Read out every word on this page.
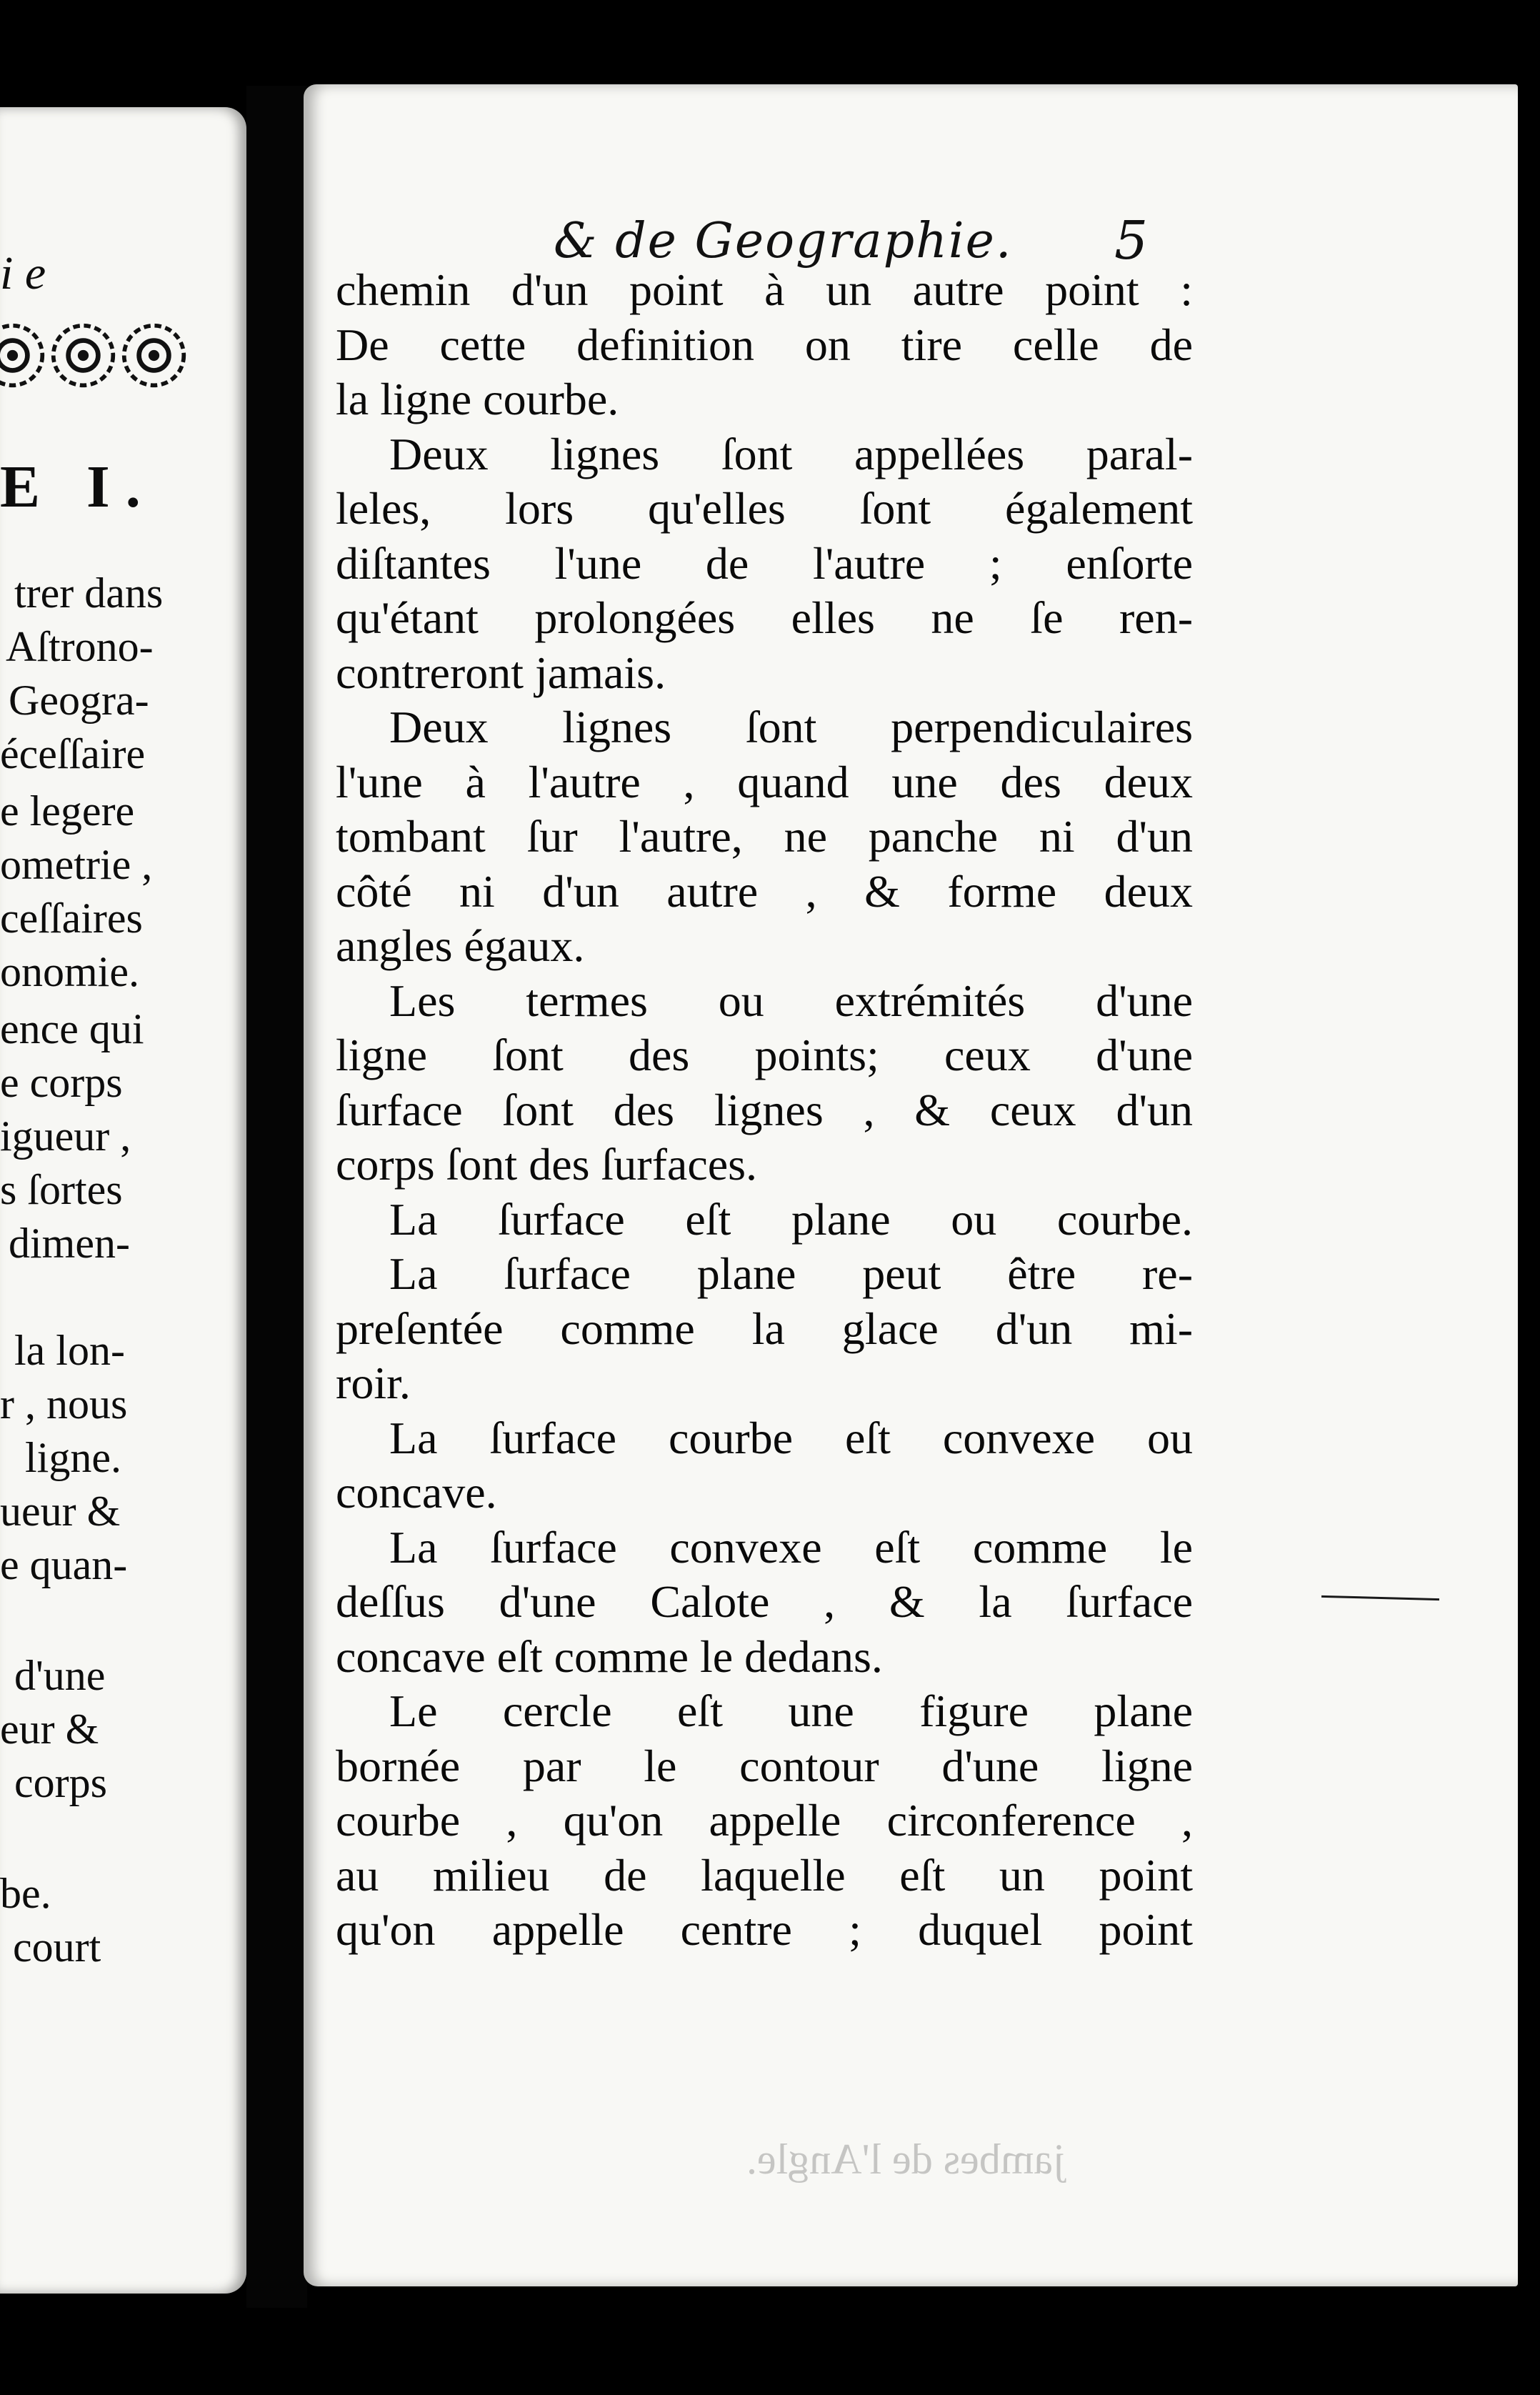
i e
E I.
trer dans
Aſtrono-
Geogra-
éceſſaire
e legere
ometrie ,
ceſſaires
onomie.
ence qui
e corps
igueur ,
s ſortes
dimen-
la lon-
r , nous
ligne.
ueur &
e quan-
d'une
eur &
corps
be.
court
& de Geographie. 5
chemin d'un point à un autre point :
De cette definition on tire celle de
la ligne courbe.
Deux lignes ſont appellées paral-
leles, lors qu'elles ſont également
diſtantes l'une de l'autre ; enſorte
qu'étant prolongées elles ne ſe ren-
contreront jamais.
Deux lignes ſont perpendiculaires
l'une à l'autre , quand une des deux
tombant ſur l'autre, ne panche ni d'un
côté ni d'un autre , & forme deux
angles égaux.
Les termes ou extrémités d'une
ligne ſont des points; ceux d'une
ſurface ſont des lignes , & ceux d'un
corps ſont des ſurfaces.
La ſurface eſt plane ou courbe.
La ſurface plane peut être re-
preſentée comme la glace d'un mi-
roir.
La ſurface courbe eſt convexe ou
concave.
La ſurface convexe eſt comme le
deſſus d'une Calote , & la ſurface
concave eſt comme le dedans.
Le cercle eſt une figure plane
bornée par le contour d'une ligne
courbe , qu'on appelle circonference ,
au milieu de laquelle eſt un point
qu'on appelle centre ; duquel point
jambes de l'Angle.
